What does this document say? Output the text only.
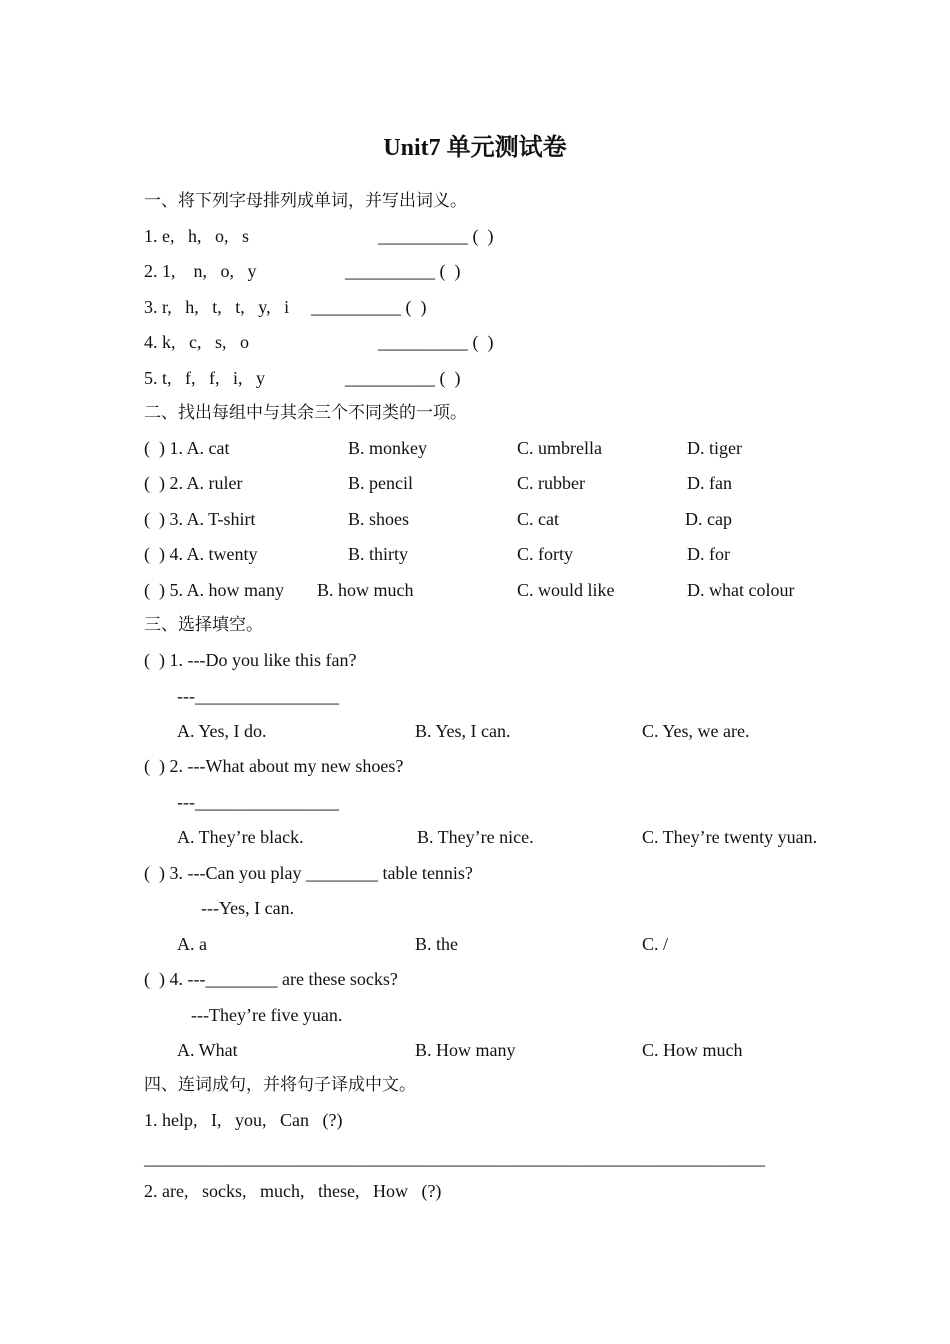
Unit7 单元测试卷
一、将下列字母排列成单词，并写出词义。
1. e,   h,   o,   s	__________ (  )
2. 1,    n,   o,   y	__________ (  )
3. r,   h,   t,   t,   y,   i __________ (  )
4. k,   c,   s,   o	__________ (  )
5. t,   f,   f,   i,   y	__________ (  )
二、找出每组中与其余三个不同类的一项。
(  ) 1. A. cat	B. monkey	C. umbrella	D. tiger
(  ) 2. A. ruler	B. pencil	C. rubber	D. fan
(  ) 3. A. T-shirt	B. shoes	C. cat	D. cap
(  ) 4. A. twenty	B. thirty	C. forty	D. for
(  ) 5. A. how many B. how much	C. would like	D. what colour
三、选择填空。
(  ) 1. ---Do you like this fan?
---________________
A. Yes, I do.	B. Yes, I can.	C. Yes, we are.
(  ) 2. ---What about my new shoes?
---________________
A. They’re black.	B. They’re nice.	C. They’re twenty yuan.
(  ) 3. ---Can you play ________ table tennis?
---Yes, I can.
A. a	B. the	C. /
(  ) 4. ---________ are these socks?
---They’re five yuan.
A. What	B. How many	C. How much
四、连词成句，并将句子译成中文。
1. help,   I,   you,   Can   (?)
_____________________________________________________________________
2. are,   socks,   much,   these,   How   (?)
